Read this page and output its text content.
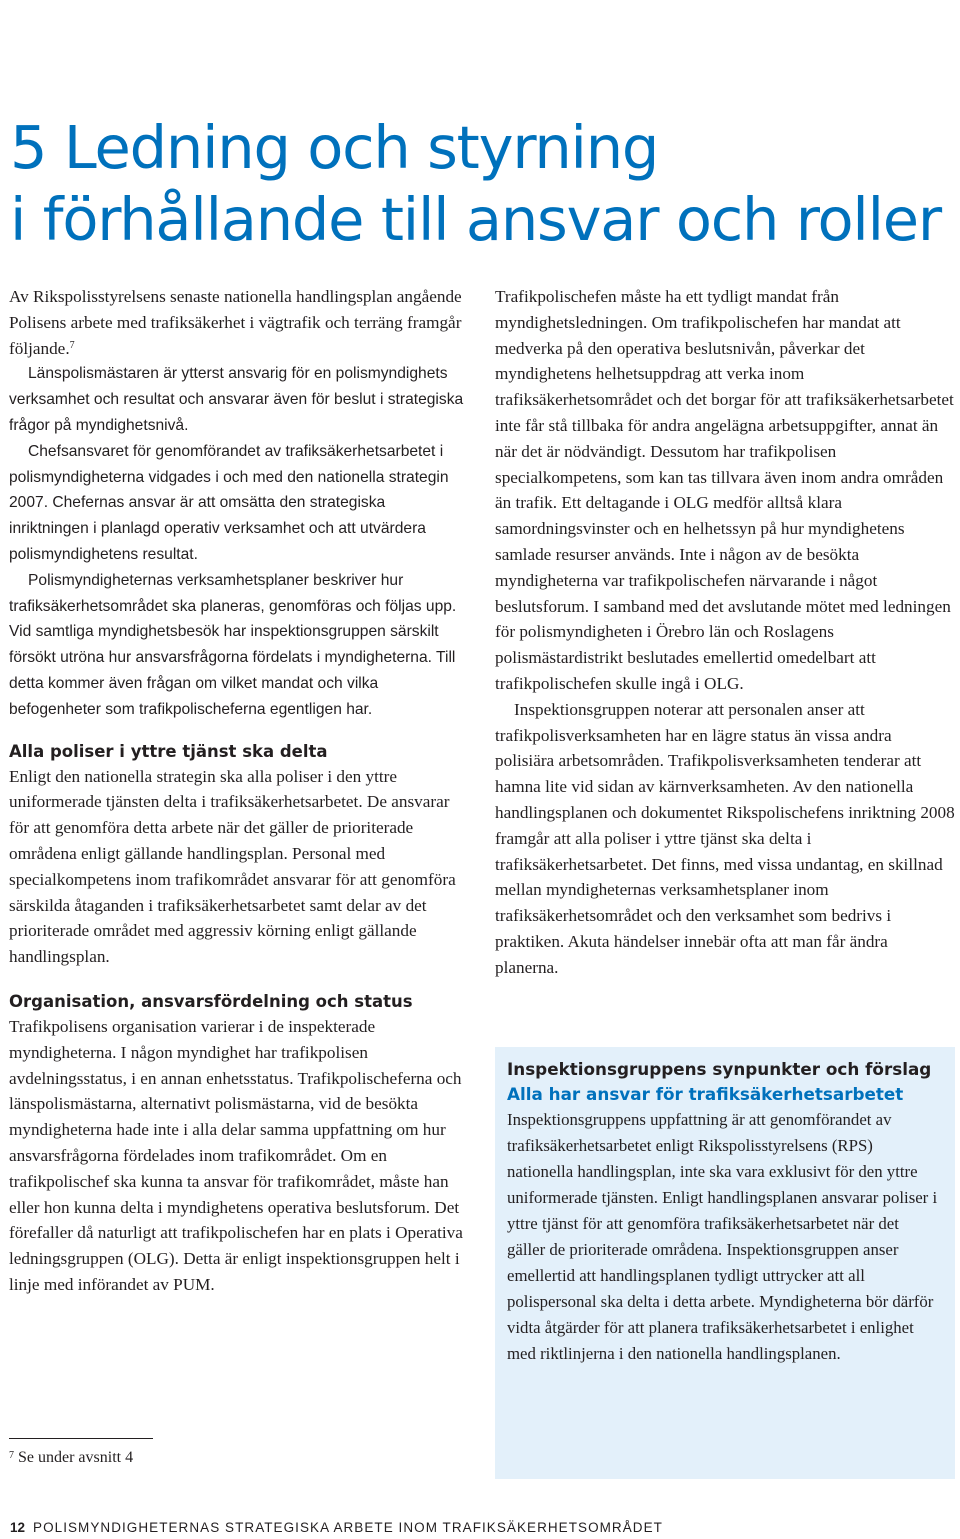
5 Ledning och styrning
i förhållande till ansvar och roller

Av Rikspolisstyrelsens senaste nationella handlingsplan angående Polisens arbete med trafiksäkerhet i vägtrafik och terräng framgår följande.$^7$

Länspolismästaren är ytterst ansvarig för en polismyndighets verksamhet och resultat och ansvarar även för beslut i strategiska frågor på myndighetsnivå.

Chefsansvaret för genomförandet av trafiksäkerhetsarbetet i polismyndigheterna vidgades i och med den nationella strategin 2007. Chefernas ansvar är att omsätta den strategiska inriktningen i planlagd operativ verksamhet och att utvärdera polismyndighetens resultat.

Polismyndigheternas verksamhetsplaner beskriver hur trafiksäkerhetsområdet ska planeras, genomföras och följas upp. Vid samtliga myndighetsbesök har inspektionsgruppen särskilt försökt utröna hur ansvarsfrågorna fördelats i myndigheterna. Till detta kommer även frågan om vilket mandat och vilka befogenheter som trafikpolischeferna egentligen har.

Alla poliser i yttre tjänst ska delta

Enligt den nationella strategin ska alla poliser i den yttre uniformerade tjänsten delta i trafiksäkerhetsarbetet. De ansvarar för att genomföra detta arbete när det gäller de prioriterade områdena enligt gällande handlingsplan. Personal med specialkompetens inom trafikområdet ansvarar för att genomföra särskilda åtaganden i trafiksäkerhetsarbetet samt delar av det prioriterade området med aggressiv körning enligt gällande handlingsplan.

Organisation, ansvarsfördelning och status

Trafikpolisens organisation varierar i de inspekterade myndigheterna. I någon myndighet har trafikpolisen avdelningsstatus, i en annan enhetsstatus. Trafikpolischeferna och länspolismästarna, alternativt polismästarna, vid de besökta myndigheterna hade inte i alla delar samma uppfattning om hur ansvarsfrågorna fördelades inom trafikområdet. Om en trafikpolischef ska kunna ta ansvar för trafikområdet, måste han eller hon kunna delta i myndighetens operativa beslutsforum. Det förefaller då naturligt att trafikpolischefen har en plats i Operativa ledningsgruppen (OLG). Detta är enligt inspektionsgruppen helt i linje med införandet av PUM.

Trafikpolischefen måste ha ett tydligt mandat från myndighetsledningen. Om trafikpolischefen har mandat att medverka på den operativa beslutsnivån, påverkar det myndighetens helhetsuppdrag att verka inom trafiksäkerhetsområdet och det borgar för att trafiksäkerhetsarbetet inte får stå tillbaka för andra angelägna arbetsuppgifter, annat än när det är nödvändigt. Dessutom har trafikpolisen specialkompetens, som kan tas tillvara även inom andra områden än trafik. Ett deltagande i OLG medför alltså klara samordningsvinster och en helhetssyn på hur myndighetens samlade resurser används. Inte i någon av de besökta myndigheterna var trafikpolischefen närvarande i något beslutsforum. I samband med det avslutande mötet med ledningen för polismyndigheten i Örebro län och Roslagens polismästardistrikt beslutades emellertid omedelbart att trafikpolischefen skulle ingå i OLG.

Inspektionsgruppen noterar att personalen anser att trafikpolisverksamheten har en lägre status än vissa andra polisiära arbetsområden. Trafikpolisverksamheten tenderar att hamna lite vid sidan av kärnverksamheten. Av den nationella handlingsplanen och dokumentet Rikspolischefens inriktning 2008 framgår att alla poliser i yttre tjänst ska delta i trafiksäkerhetsarbetet. Det finns, med vissa undantag, en skillnad mellan myndigheternas verksamhetsplaner inom trafiksäkerhetsområdet och den verksamhet som bedrivs i praktiken. Akuta händelser innebär ofta att man får ändra planerna.

Inspektionsgruppens synpunkter och förslag
Alla har ansvar för trafiksäkerhetsarbetet

Inspektionsgruppens uppfattning är att genomförandet av trafiksäkerhetsarbetet enligt Rikspolisstyrelsens (RPS) nationella handlingsplan, inte ska vara exklusivt för den yttre uniformerade tjänsten. Enligt handlingsplanen ansvarar poliser i yttre tjänst för att genomföra trafiksäkerhetsarbetet när det gäller de prioriterade områdena. Inspektionsgruppen anser emellertid att handlingsplanen tydligt uttrycker att all polispersonal ska delta i detta arbete. Myndigheterna bör därför vidta åtgärder för att planera trafiksäkerhetsarbetet i enlighet med riktlinjerna i den nationella handlingsplanen.

$^7$ Se under avsnitt 4
12 POLISMYNDIGHETERNAS STRATEGISKA ARBETE INOM TRAFIKSÄKERHETSOMRÅDET
